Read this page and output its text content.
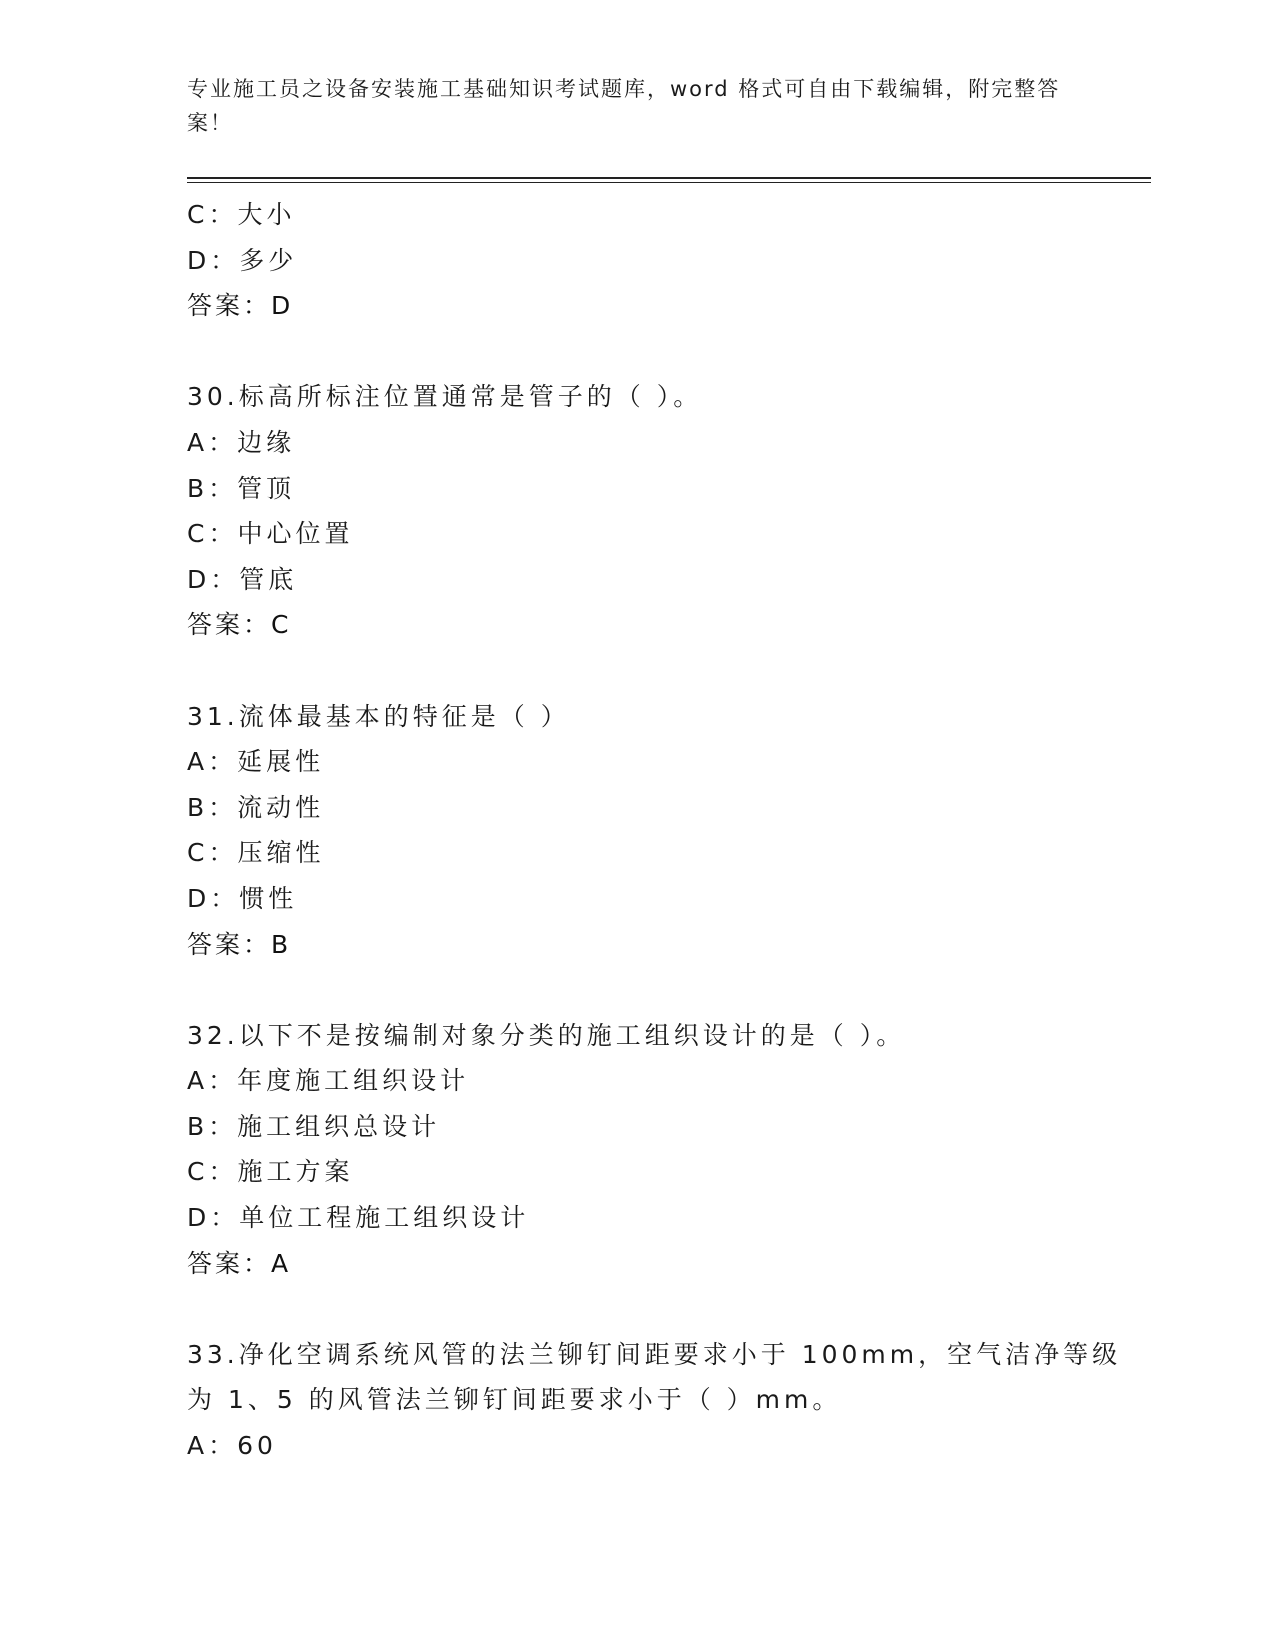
专业施工员之设备安装施工基础知识考试题库，word 格式可自由下载编辑，附完整答案！
C：大小
D：多少
答案：D
30.标高所标注位置通常是管子的（ ）。
A：边缘
B：管顶
C：中心位置
D：管底
答案：C
31.流体最基本的特征是（ ）
A：延展性
B：流动性
C：压缩性
D：惯性
答案：B
32.以下不是按编制对象分类的施工组织设计的是（ ）。
A：年度施工组织设计
B：施工组织总设计
C：施工方案
D：单位工程施工组织设计
答案：A
33.净化空调系统风管的法兰铆钉间距要求小于 100mm，空气洁净等级
为 1、5 的风管法兰铆钉间距要求小于（ ）mm。
A：60
